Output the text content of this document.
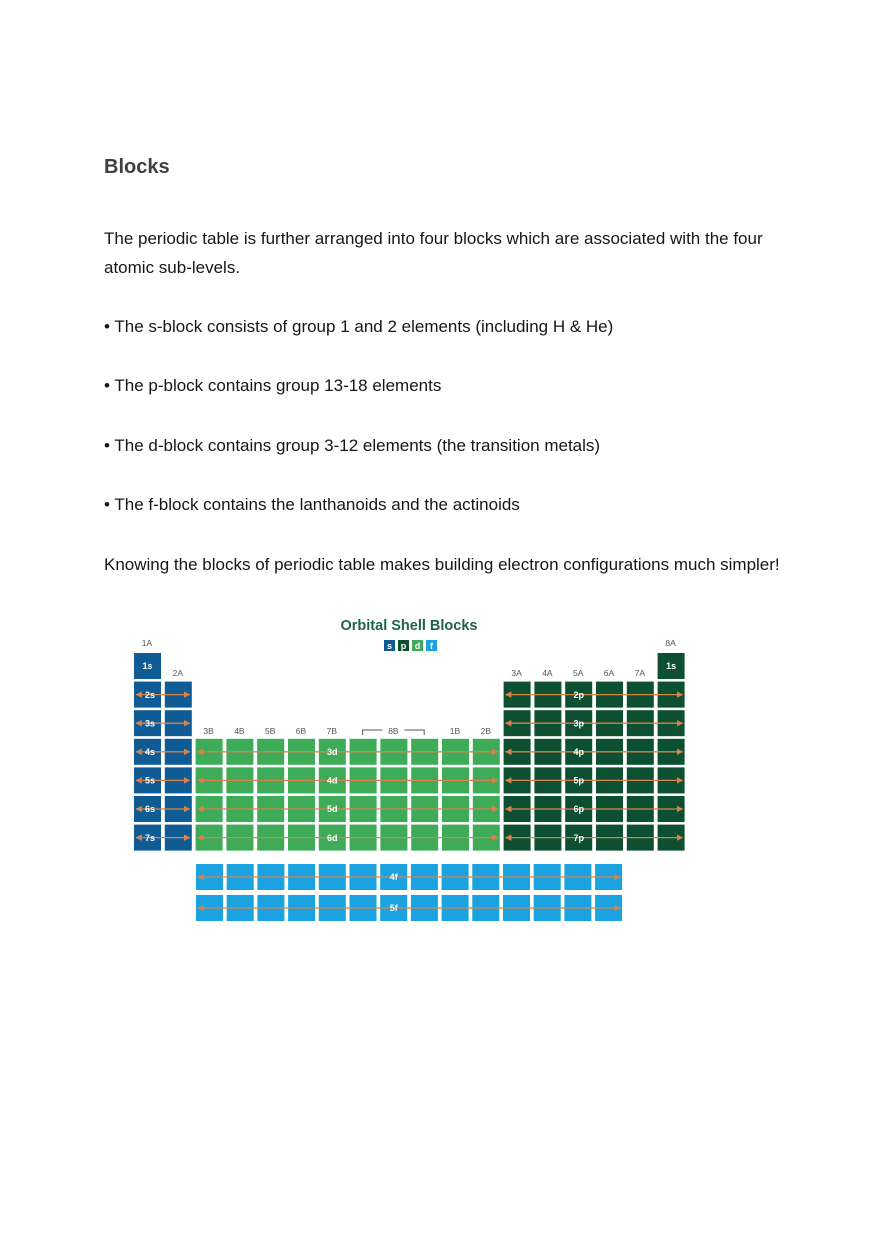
Blocks

The periodic table is further arranged into four blocks which are associated with the four atomic sub-levels.

• The s-block consists of group 1 and 2 elements (including H & He)

• The p-block contains group 13-18 elements

• The d-block contains group 3-12 elements (the transition metals)

• The f-block contains the lanthanoids and the actinoids

Knowing the blocks of periodic table makes building electron configurations much simpler!

Orbital Shell Blocks
s p d f
1A
2A
3B 4B 5B 6B 7B	8B	1B 2B
3A 4A 5A 6A 7A
8A
1s
1s
2s
3s
4s
5s
6s
7s
2p
3p
4p
5p
6p
7p
3d
4d
5d
6d
4f
5f
